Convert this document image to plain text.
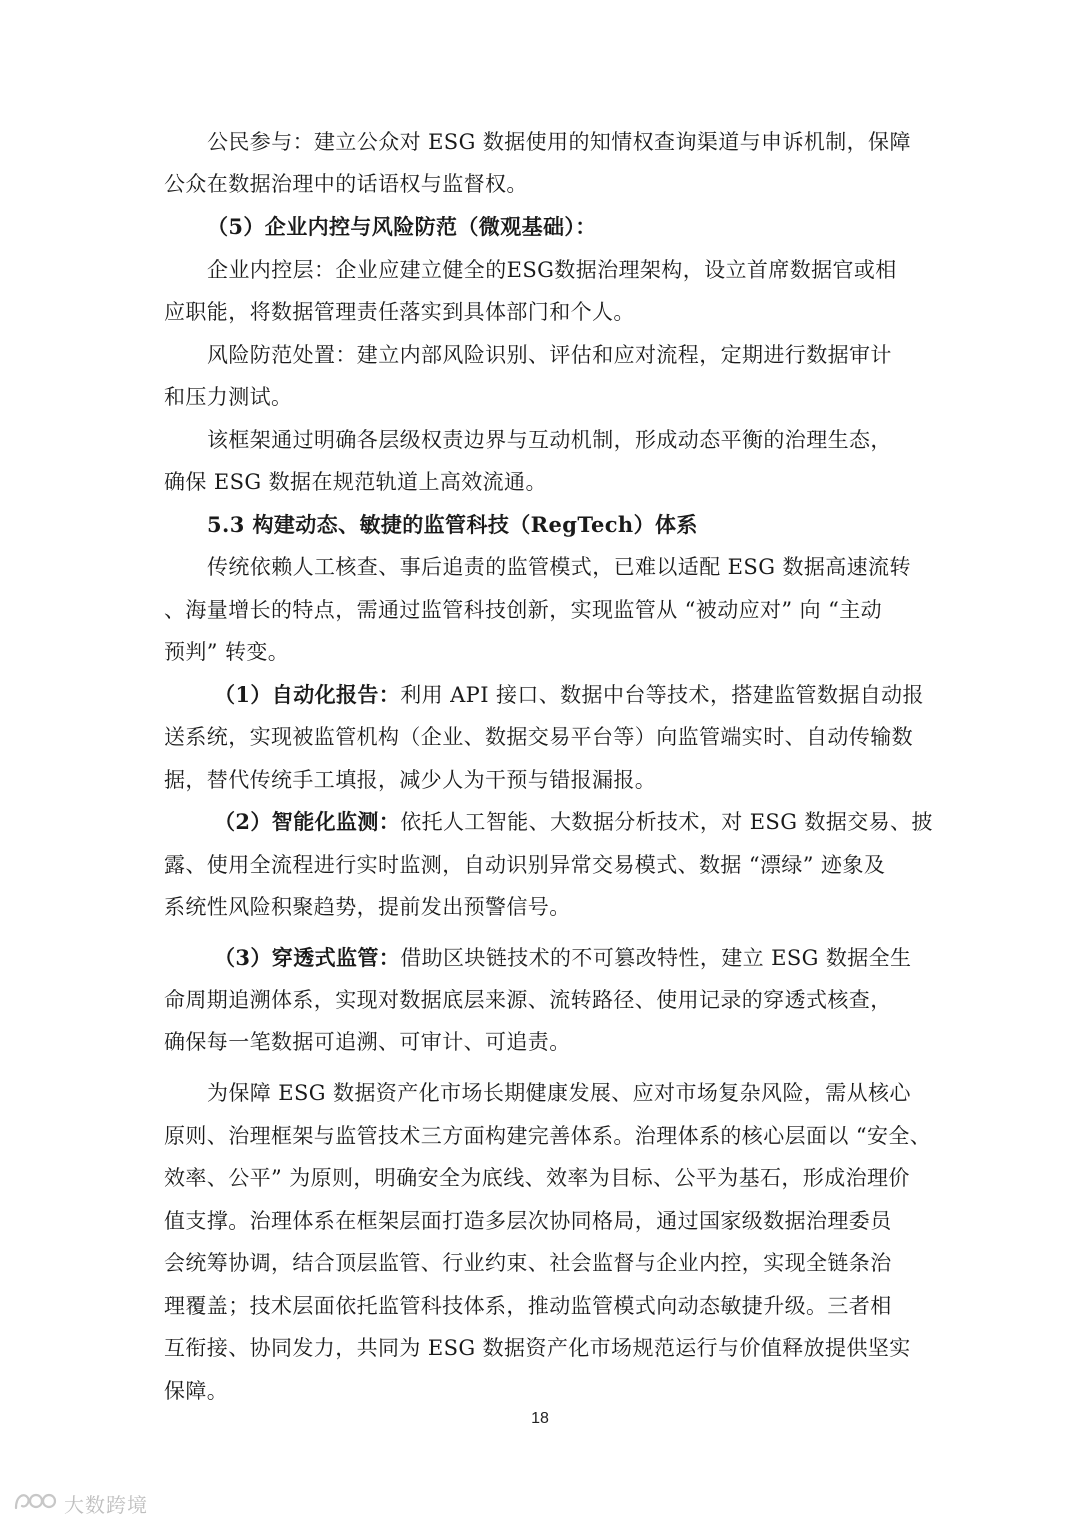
公民参与：建立公众对 ESG 数据使用的知情权查询渠道与申诉机制，保障
公众在数据治理中的话语权与监督权。
（5）企业内控与风险防范（微观基础）：
企业内控层：企业应建立健全的ESG数据治理架构，设立首席数据官或相
应职能，将数据管理责任落实到具体部门和个人。
风险防范处置：建立内部风险识别、评估和应对流程，定期进行数据审计
和压力测试。
该框架通过明确各层级权责边界与互动机制，形成动态平衡的治理生态，
确保 ESG 数据在规范轨道上高效流通。
5.3 构建动态、敏捷的监管科技（RegTech）体系
传统依赖人工核查、事后追责的监管模式，已难以适配 ESG 数据高速流转
、海量增长的特点，需通过监管科技创新，实现监管从 “被动应对” 向 “主动
预判” 转变。
（1）自动化报告：利用 API 接口、数据中台等技术，搭建监管数据自动报
送系统，实现被监管机构（企业、数据交易平台等）向监管端实时、自动传输数
据，替代传统手工填报，减少人为干预与错报漏报。
（2）智能化监测：依托人工智能、大数据分析技术，对 ESG 数据交易、披
露、使用全流程进行实时监测，自动识别异常交易模式、数据 “漂绿” 迹象及
系统性风险积聚趋势，提前发出预警信号。
（3）穿透式监管：借助区块链技术的不可篡改特性，建立 ESG 数据全生
命周期追溯体系，实现对数据底层来源、流转路径、使用记录的穿透式核查，
确保每一笔数据可追溯、可审计、可追责。
为保障 ESG 数据资产化市场长期健康发展、应对市场复杂风险，需从核心
原则、治理框架与监管技术三方面构建完善体系。治理体系的核心层面以 “安全、
效率、公平” 为原则，明确安全为底线、效率为目标、公平为基石，形成治理价
值支撑。治理体系在框架层面打造多层次协同格局，通过国家级数据治理委员
会统筹协调，结合顶层监管、行业约束、社会监督与企业内控，实现全链条治
理覆盖；技术层面依托监管科技体系，推动监管模式向动态敏捷升级。三者相
互衔接、协同发力，共同为 ESG 数据资产化市场规范运行与价值释放提供坚实
保障。
18
大数跨境
